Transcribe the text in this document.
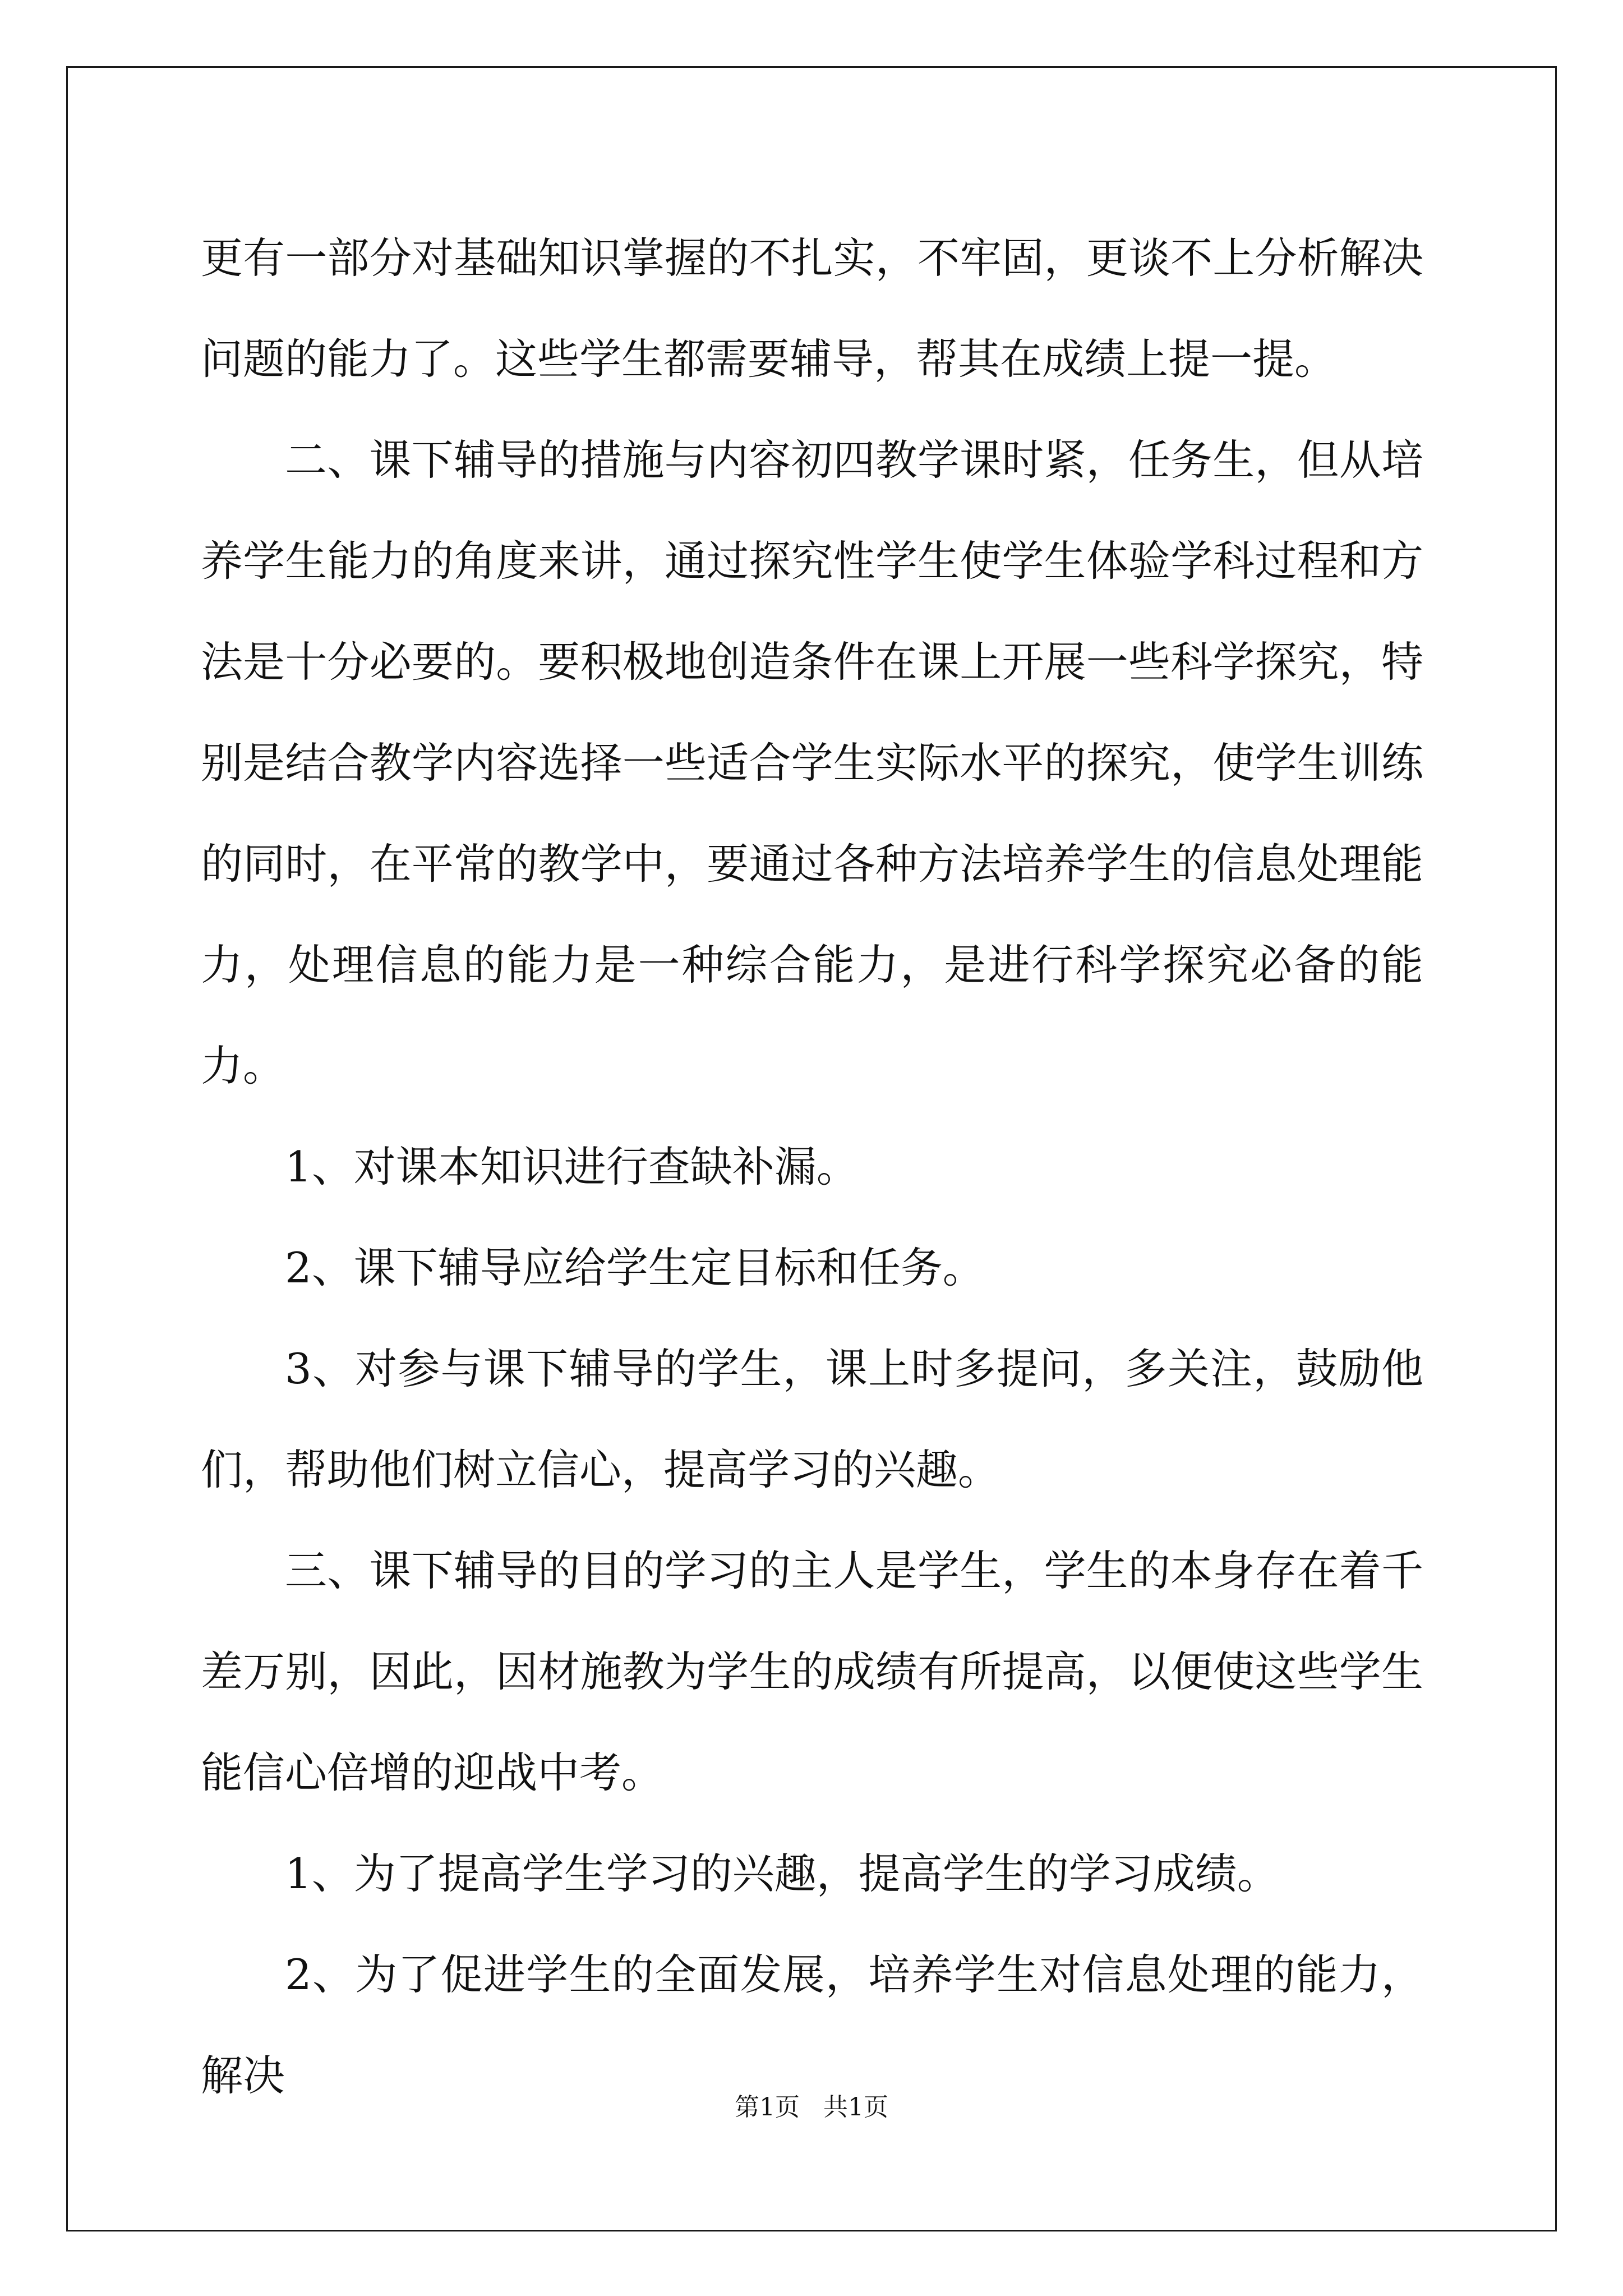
更有一部分对基础知识掌握的不扎实，不牢固，更谈不上分析解决问题的能力了。这些学生都需要辅导，帮其在成绩上提一提。

二、课下辅导的措施与内容初四教学课时紧，任务生，但从培养学生能力的角度来讲，通过探究性学生使学生体验学科过程和方法是十分必要的。要积极地创造条件在课上开展一些科学探究，特别是结合教学内容选择一些适合学生实际水平的探究，使学生训练的同时，在平常的教学中，要通过各种方法培养学生的信息处理能力，处理信息的能力是一种综合能力，是进行科学探究必备的能力。

1、对课本知识进行查缺补漏。

2、课下辅导应给学生定目标和任务。

3、对参与课下辅导的学生，课上时多提问，多关注，鼓励他们，帮助他们树立信心，提高学习的兴趣。

三、课下辅导的目的学习的主人是学生，学生的本身存在着千差万别，因此，因材施教为学生的成绩有所提高，以便使这些学生能信心倍增的迎战中考。

1、为了提高学生学习的兴趣，提高学生的学习成绩。

2、为了促进学生的全面发展，培养学生对信息处理的能力，解决

第1页 共1页
